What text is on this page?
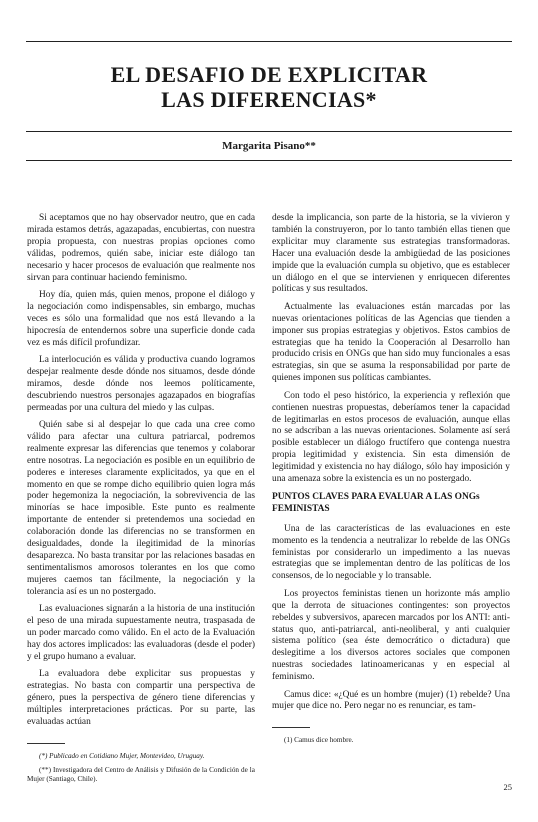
EL DESAFIO DE EXPLICITAR
LAS DIFERENCIAS*
Margarita Pisano**

Si aceptamos que no hay observador neutro, que en cada mirada estamos detrás, agazapadas, encubiertas, con nuestra propia propuesta, con nuestras propias opciones como válidas, podremos, quién sabe, iniciar este diálogo tan necesario y hacer procesos de evaluación que realmente nos sirvan para continuar haciendo feminismo.

Hoy día, quien más, quien menos, propone el diálogo y la negociación como indispensables, sin embargo, muchas veces es sólo una formalidad que nos está llevando a la hipocresía de entendernos sobre una superficie donde cada vez es más difícil profundizar.

La interlocución es válida y productiva cuando logramos despejar realmente desde dónde nos situamos, desde dónde miramos, desde dónde nos leemos políticamente, descubriendo nuestros personajes agazapados en biografías permeadas por una cultura del miedo y las culpas.

Quién sabe si al despejar lo que cada una cree como válido para afectar una cultura patriarcal, podremos realmente expresar las diferencias que tenemos y colaborar entre nosotras. La negociación es posible en un equilibrio de poderes e intereses claramente explicitados, ya que en el momento en que se rompe dicho equilibrio quien logra más poder hegemoniza la negociación, la sobrevivencia de las minorías se hace imposible. Este punto es realmente importante de entender si pretendemos una sociedad en colaboración donde las diferencias no se transformen en desigualdades, donde la ilegitimidad de la minorías desaparezca. No basta transitar por las relaciones basadas en sentimentalismos amorosos tolerantes en los que como mujeres caemos tan fácilmente, la negociación y la tolerancia así es un no postergado.

Las evaluaciones signarán a la historia de una institución el peso de una mirada supuestamente neutra, traspasada de un poder marcado como válido. En el acto de la Evaluación hay dos actores implicados: las evaluadoras (desde el poder) y el grupo humano a evaluar.

La evaluadora debe explicitar sus propuestas y estrategias. No basta con compartir una perspectiva de género, pues la perspectiva de género tiene diferencias y múltiples interpretaciones prácticas. Por su parte, las evaluadas actúan

(*) Publicado en Cotidiano Mujer, Montevideo, Uruguay.

(**) Investigadora del Centro de Análisis y Difusión de la Condición de la Mujer (Santiago, Chile).

desde la implicancia, son parte de la historia, se la vivieron y también la construyeron, por lo tanto también ellas tienen que explicitar muy claramente sus estrategias transformadoras. Hacer una evaluación desde la ambigüedad de las posiciones impide que la evaluación cumpla su objetivo, que es establecer un diálogo en el que se intervienen y enriquecen diferentes políticas y sus resultados.

Actualmente las evaluaciones están marcadas por las nuevas orientaciones políticas de las Agencias que tienden a imponer sus propias estrategias y objetivos. Estos cambios de estrategias que ha tenido la Cooperación al Desarrollo han producido crisis en ONGs que han sido muy funcionales a esas estrategias, sin que se asuma la responsabilidad por parte de quienes imponen sus políticas cambiantes.

Con todo el peso histórico, la experiencia y reflexión que contienen nuestras propuestas, deberíamos tener la capacidad de legitimarlas en estos procesos de evaluación, aunque ellas no se adscriban a las nuevas orientaciones. Solamente así será posible establecer un diálogo fructífero que contenga nuestra propia legitimidad y existencia. Sin esta dimensión de legitimidad y existencia no hay diálogo, sólo hay imposición y una amenaza sobre la existencia es un no postergado.

PUNTOS CLAVES PARA EVALUAR A LAS ONGs FEMINISTAS

Una de las características de las evaluaciones en este momento es la tendencia a neutralizar lo rebelde de las ONGs feministas por considerarlo un impedimento a las nuevas estrategias que se implementan dentro de las políticas de los consensos, de lo negociable y lo transable.

Los proyectos feministas tienen un horizonte más amplio que la derrota de situaciones contingentes: son proyectos rebeldes y subversivos, aparecen marcados por los ANTI: anti-status quo, anti-patriarcal, anti-neoliberal, y anti cualquier sistema político (sea éste democrático o dictadura) que deslegitime a los diversos actores sociales que componen nuestras sociedades latinoamericanas y en especial al feminismo.

Camus dice: «¿Qué es un hombre (mujer) (1) rebelde? Una mujer que dice no. Pero negar no es renunciar, es tam-

(1) Camus dice hombre.

25
